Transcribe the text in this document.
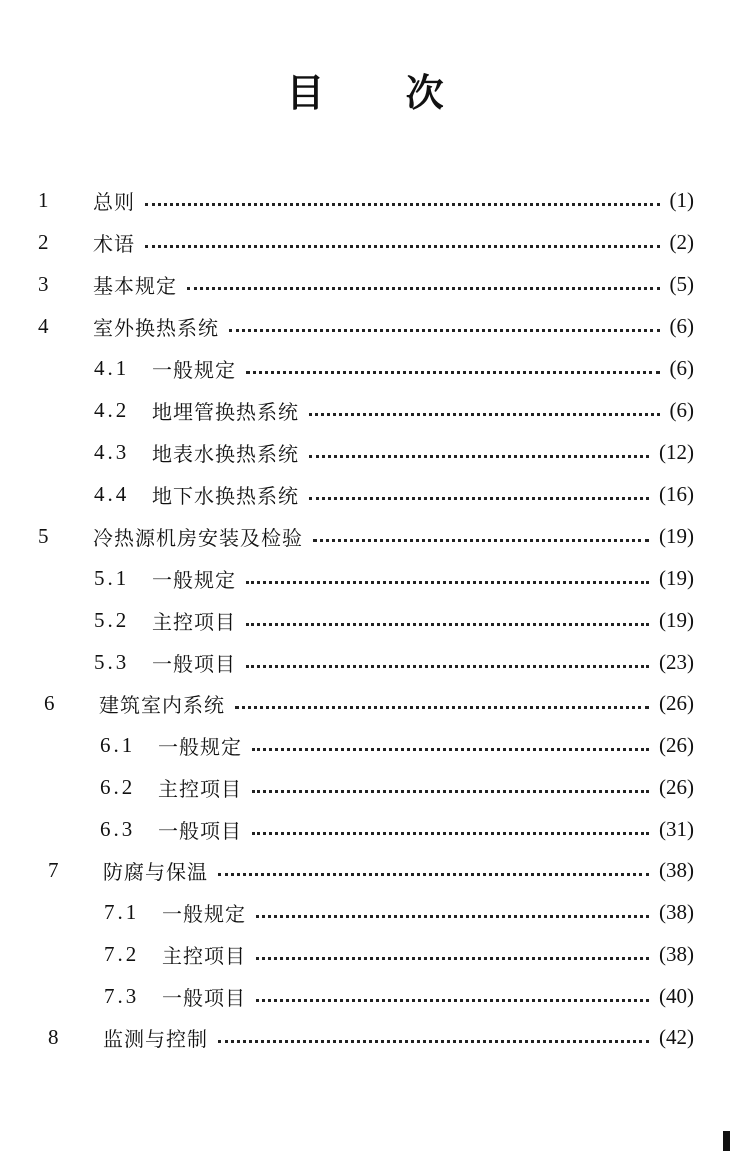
目 次
1	总则	(1)
2	术语	(2)
3	基本规定	(5)
4	室外换热系统	(6)
4.1	一般规定	(6)
4.2	地埋管换热系统	(6)
4.3	地表水换热系统	(12)
4.4	地下水换热系统	(16)
5	冷热源机房安装及检验	(19)
5.1	一般规定	(19)
5.2	主控项目	(19)
5.3	一般项目	(23)
6	建筑室内系统	(26)
6.1	一般规定	(26)
6.2	主控项目	(26)
6.3	一般项目	(31)
7	防腐与保温	(38)
7.1	一般规定	(38)
7.2	主控项目	(38)
7.3	一般项目	(40)
8	监测与控制	(42)
